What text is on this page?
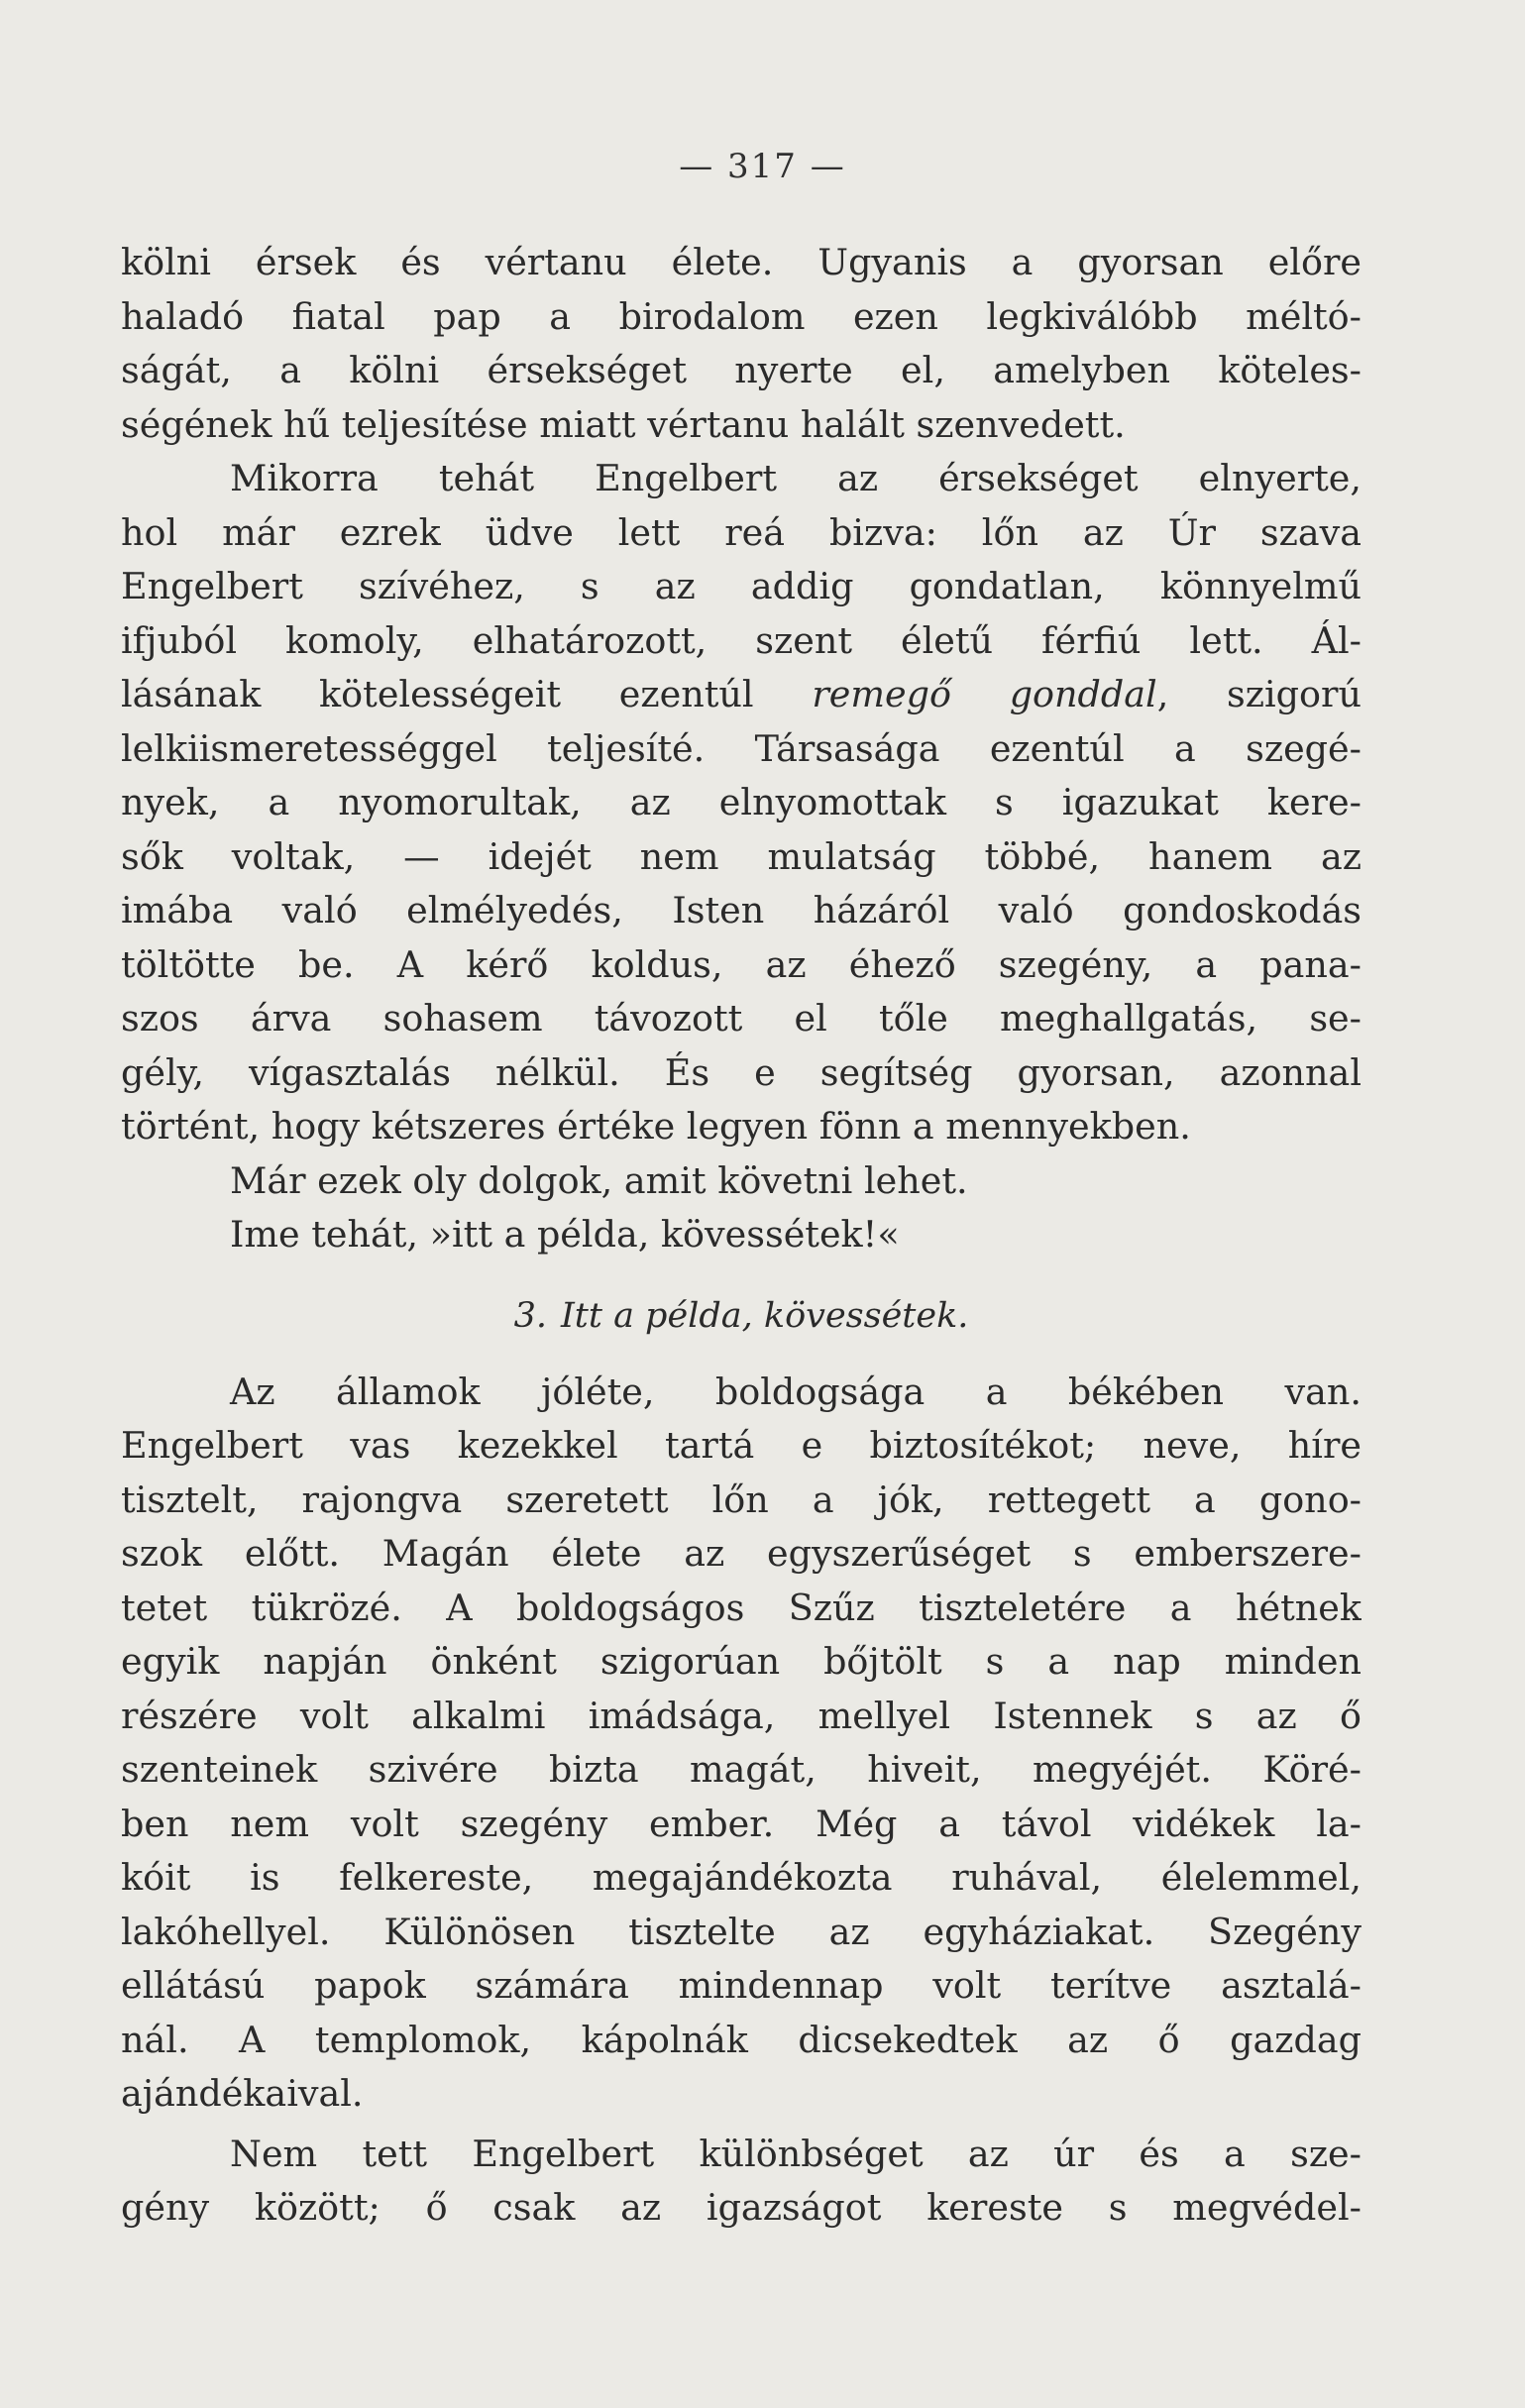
— 317 —
kölni érsek és vértanu élete. Ugyanis a gyorsan előre
haladó fiatal pap a birodalom ezen legkiválóbb méltó-
ságát, a kölni érsekséget nyerte el, amelyben köteles-
ségének hű teljesítése miatt vértanu halált szenvedett.
Mikorra tehát Engelbert az érsekséget elnyerte,
hol már ezrek üdve lett reá bizva: lőn az Úr szava
Engelbert szívéhez, s az addig gondatlan, könnyelmű
ifjuból komoly, elhatározott, szent életű férfiú lett. Ál-
lásának kötelességeit ezentúl remegő gonddal, szigorú
lelkiismeretességgel teljesíté. Társasága ezentúl a szegé-
nyek, a nyomorultak, az elnyomottak s igazukat kere-
sők voltak, — idejét nem mulatság többé, hanem az
imába való elmélyedés, Isten házáról való gondoskodás
töltötte be. A kérő koldus, az éhező szegény, a pana-
szos árva sohasem távozott el tőle meghallgatás, se-
gély, vígasztalás nélkül. És e segítség gyorsan, azonnal
történt, hogy kétszeres értéke legyen fönn a mennyekben.
Már ezek oly dolgok, amit követni lehet.
Ime tehát, »itt a példa, kövessétek!«
3. Itt a példa, kövessétek.
Az államok jóléte, boldogsága a békében van.
Engelbert vas kezekkel tartá e biztosítékot; neve, híre
tisztelt, rajongva szeretett lőn a jók, rettegett a gono-
szok előtt. Magán élete az egyszerűséget s emberszere-
tetet tükrözé. A boldogságos Szűz tiszteletére a hétnek
egyik napján önként szigorúan bőjtölt s a nap minden
részére volt alkalmi imádsága, mellyel Istennek s az ő
szenteinek szivére bizta magát, hiveit, megyéjét. Köré-
ben nem volt szegény ember. Még a távol vidékek la-
kóit is felkereste, megajándékozta ruhával, élelemmel,
lakóhellyel. Különösen tisztelte az egyháziakat. Szegény
ellátású papok számára mindennap volt terítve asztalá-
nál. A templomok, kápolnák dicsekedtek az ő gazdag
ajándékaival.
Nem tett Engelbert különbséget az úr és a sze-
gény között; ő csak az igazságot kereste s megvédel-
